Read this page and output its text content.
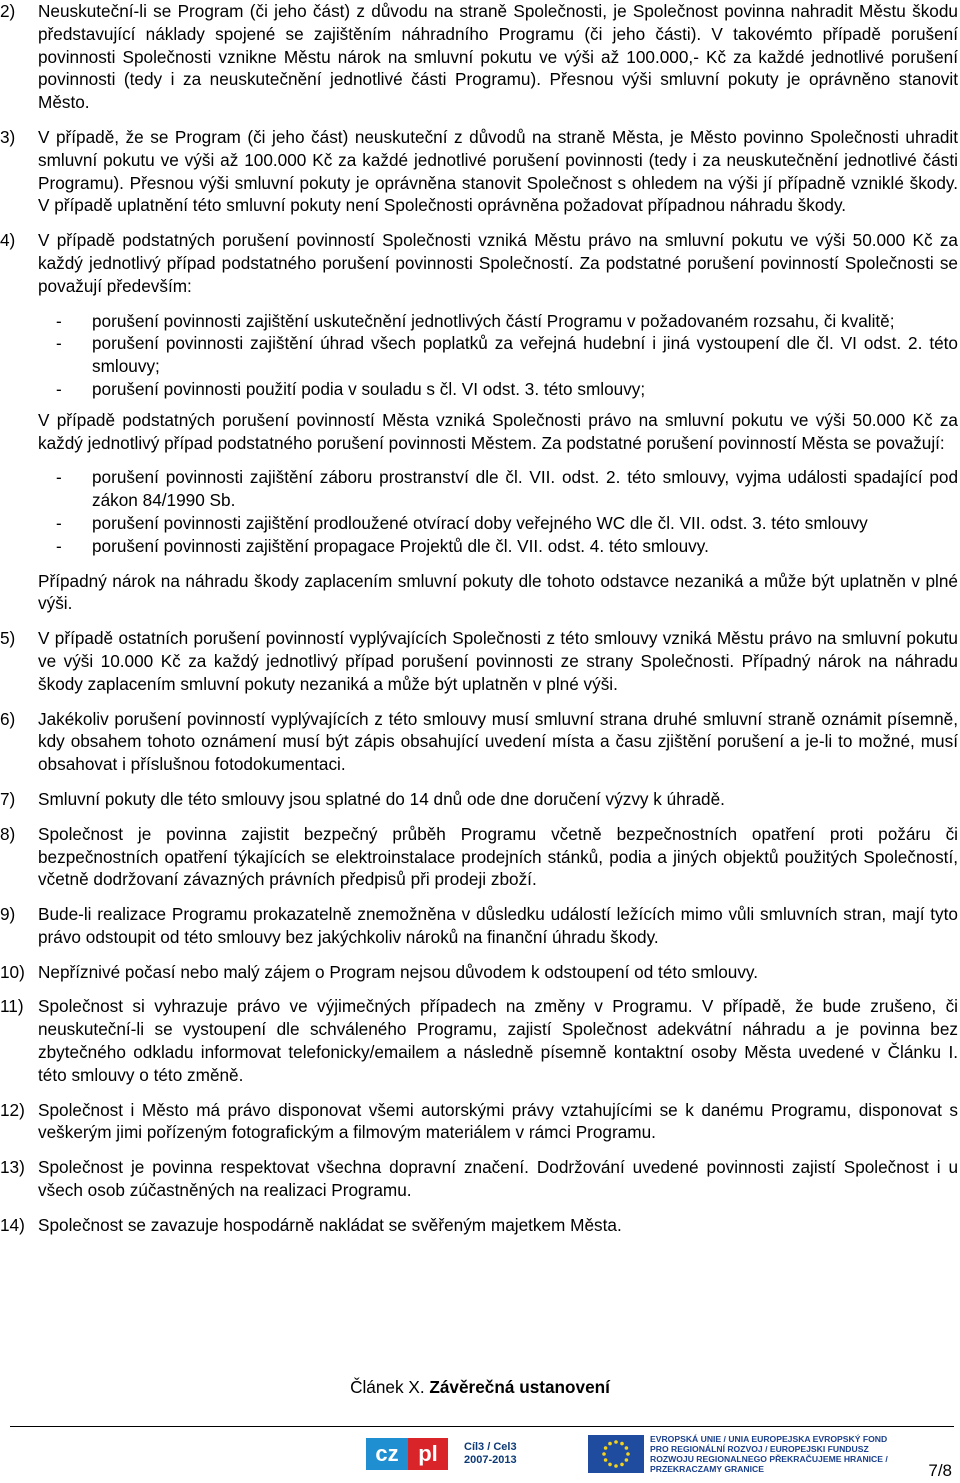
2) Neuskuteční-li se Program (či jeho část) z důvodu na straně Společnosti, je Společnost povinna nahradit Městu škodu představující náklady spojené se zajištěním náhradního Programu (či jeho části). V takovémto případě porušení povinnosti Společnosti vznikne Městu nárok na smluvní pokutu ve výši až 100.000,- Kč za každé jednotlivé porušení povinnosti (tedy i za neuskutečnění jednotlivé části Programu). Přesnou výši smluvní pokuty je oprávněno stanovit Město.

3) V případě, že se Program (či jeho část) neuskuteční z důvodů na straně Města, je Město povinno Společnosti uhradit smluvní pokutu ve výši až 100.000 Kč za každé jednotlivé porušení povinnosti (tedy i za neuskutečnění jednotlivé části Programu). Přesnou výši smluvní pokuty je oprávněna stanovit Společnost s ohledem na výši jí případně vzniklé škody. V případě uplatnění této smluvní pokuty není Společnosti oprávněna požadovat případnou náhradu škody.

4) V případě podstatných porušení povinností Společnosti vzniká Městu právo na smluvní pokutu ve výši 50.000 Kč za každý jednotlivý případ podstatného porušení povinnosti Společností. Za podstatné porušení povinností Společnosti se považují především:

- porušení povinnosti zajištění uskutečnění jednotlivých částí Programu v požadovaném rozsahu, či kvalitě;
- porušení povinnosti zajištění úhrad všech poplatků za veřejná hudební i jiná vystoupení dle čl. VI odst. 2. této smlouvy;
- porušení povinnosti použití podia v souladu s čl. VI odst. 3. této smlouvy;

V případě podstatných porušení povinností Města vzniká Společnosti právo na smluvní pokutu ve výši 50.000 Kč za každý jednotlivý případ podstatného porušení povinnosti Městem. Za podstatné porušení povinností Města se považují:

- porušení povinnosti zajištění záboru prostranství dle čl. VII. odst. 2. této smlouvy, vyjma události spadající pod zákon 84/1990 Sb.
- porušení povinnosti zajištění prodloužené otvírací doby veřejného WC dle čl. VII. odst. 3. této smlouvy
- porušení povinnosti zajištění propagace Projektů dle čl. VII. odst. 4. této smlouvy.

Případný nárok na náhradu škody zaplacením smluvní pokuty dle tohoto odstavce nezaniká a může být uplatněn v plné výši.

5) V případě ostatních porušení povinností vyplývajících Společnosti z této smlouvy vzniká Městu právo na smluvní pokutu ve výši 10.000 Kč za každý jednotlivý případ porušení povinnosti ze strany Společnosti. Případný nárok na náhradu škody zaplacením smluvní pokuty nezaniká a může být uplatněn v plné výši.

6) Jakékoliv porušení povinností vyplývajících z této smlouvy musí smluvní strana druhé smluvní straně oznámit písemně, kdy obsahem tohoto oznámení musí být zápis obsahující uvedení místa a času zjištění porušení a je-li to možné, musí obsahovat i příslušnou fotodokumentaci.

7) Smluvní pokuty dle této smlouvy jsou splatné do 14 dnů ode dne doručení výzvy k úhradě.

8) Společnost je povinna zajistit bezpečný průběh Programu včetně bezpečnostních opatření proti požáru či bezpečnostních opatření týkajících se elektroinstalace prodejních stánků, podia a jiných objektů použitých Společností, včetně dodržovaní závazných právních předpisů při prodeji zboží.

9) Bude-li realizace Programu prokazatelně znemožněna v důsledku událostí ležících mimo vůli smluvních stran, mají tyto právo odstoupit od této smlouvy bez jakýchkoliv nároků na finanční úhradu škody.

10) Nepříznivé počasí nebo malý zájem o Program nejsou důvodem k odstoupení od této smlouvy.

11) Společnost si vyhrazuje právo ve výjimečných případech na změny v Programu. V případě, že bude zrušeno, či neuskuteční-li se vystoupení dle schváleného Programu, zajistí Společnost adekvátní náhradu a je povinna bez zbytečného odkladu informovat telefonicky/emailem a následně písemně kontaktní osoby Města uvedené v Článku I. této smlouvy o této změně.

12) Společnost i Město má právo disponovat všemi autorskými právy vztahujícími se k danému Programu, disponovat s veškerým jimi pořízeným fotografickým a filmovým materiálem v rámci Programu.

13) Společnost je povinna respektovat všechna dopravní značení. Dodržování uvedené povinnosti zajistí Společnost i u všech osob zúčastněných na realizaci Programu.

14) Společnost se zavazuje hospodárně nakládat se svěřeným majetkem Města.

Článek X. Závěrečná ustanovení
cz pl	Cíl3 / Cel3 2007-2013
EVROPSKÁ UNIE / UNIA EUROPEJSKA EVROPSKÝ FOND PRO REGIONÁLNÍ ROZVOJ / EUROPEJSKI FUNDUSZ ROZWOJU REGIONALNEGO PŘEKRAČUJEME HRANICE / PRZEKRACZAMY GRANICE	7/8
